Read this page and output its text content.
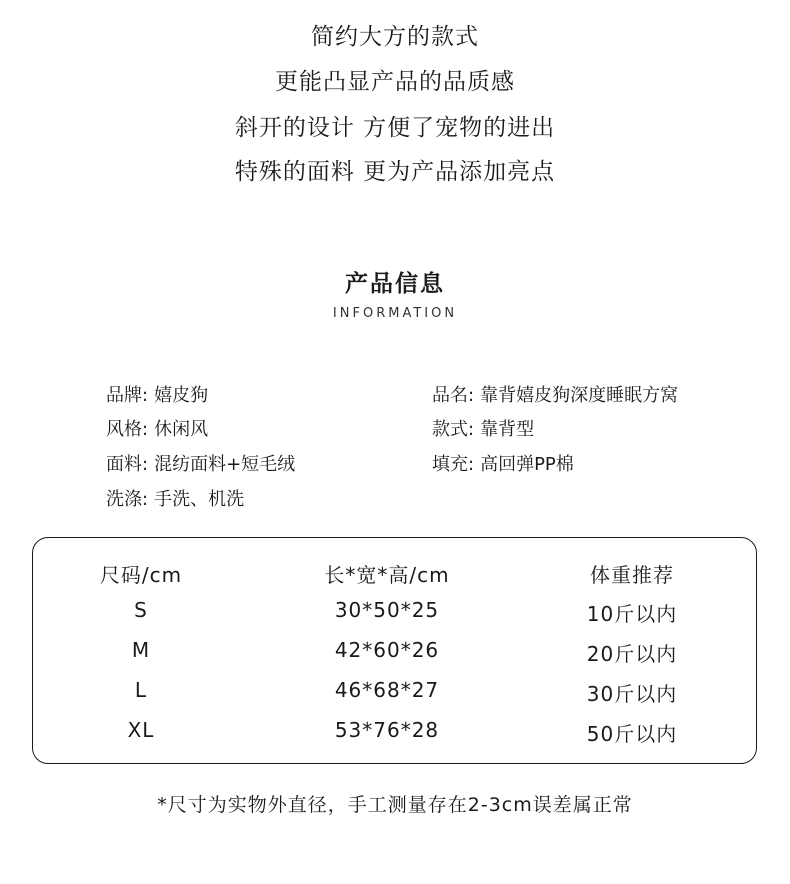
简约大方的款式
更能凸显产品的品质感
斜开的设计 方便了宠物的进出
特殊的面料 更为产品添加亮点
产品信息
INFORMATION
品牌: 嬉皮狗	品名: 靠背嬉皮狗深度睡眠方窝
风格: 休闲风	款式: 靠背型
面料: 混纺面料+短毛绒	填充: 高回弹PP棉
洗涤: 手洗、机洗
尺码/cm	长*宽*高/cm	体重推荐
S	30*50*25	10斤以内
M	42*60*26	20斤以内
L	46*68*27	30斤以内
XL	53*76*28	50斤以内
*尺寸为实物外直径，手工测量存在2-3cm误差属正常
